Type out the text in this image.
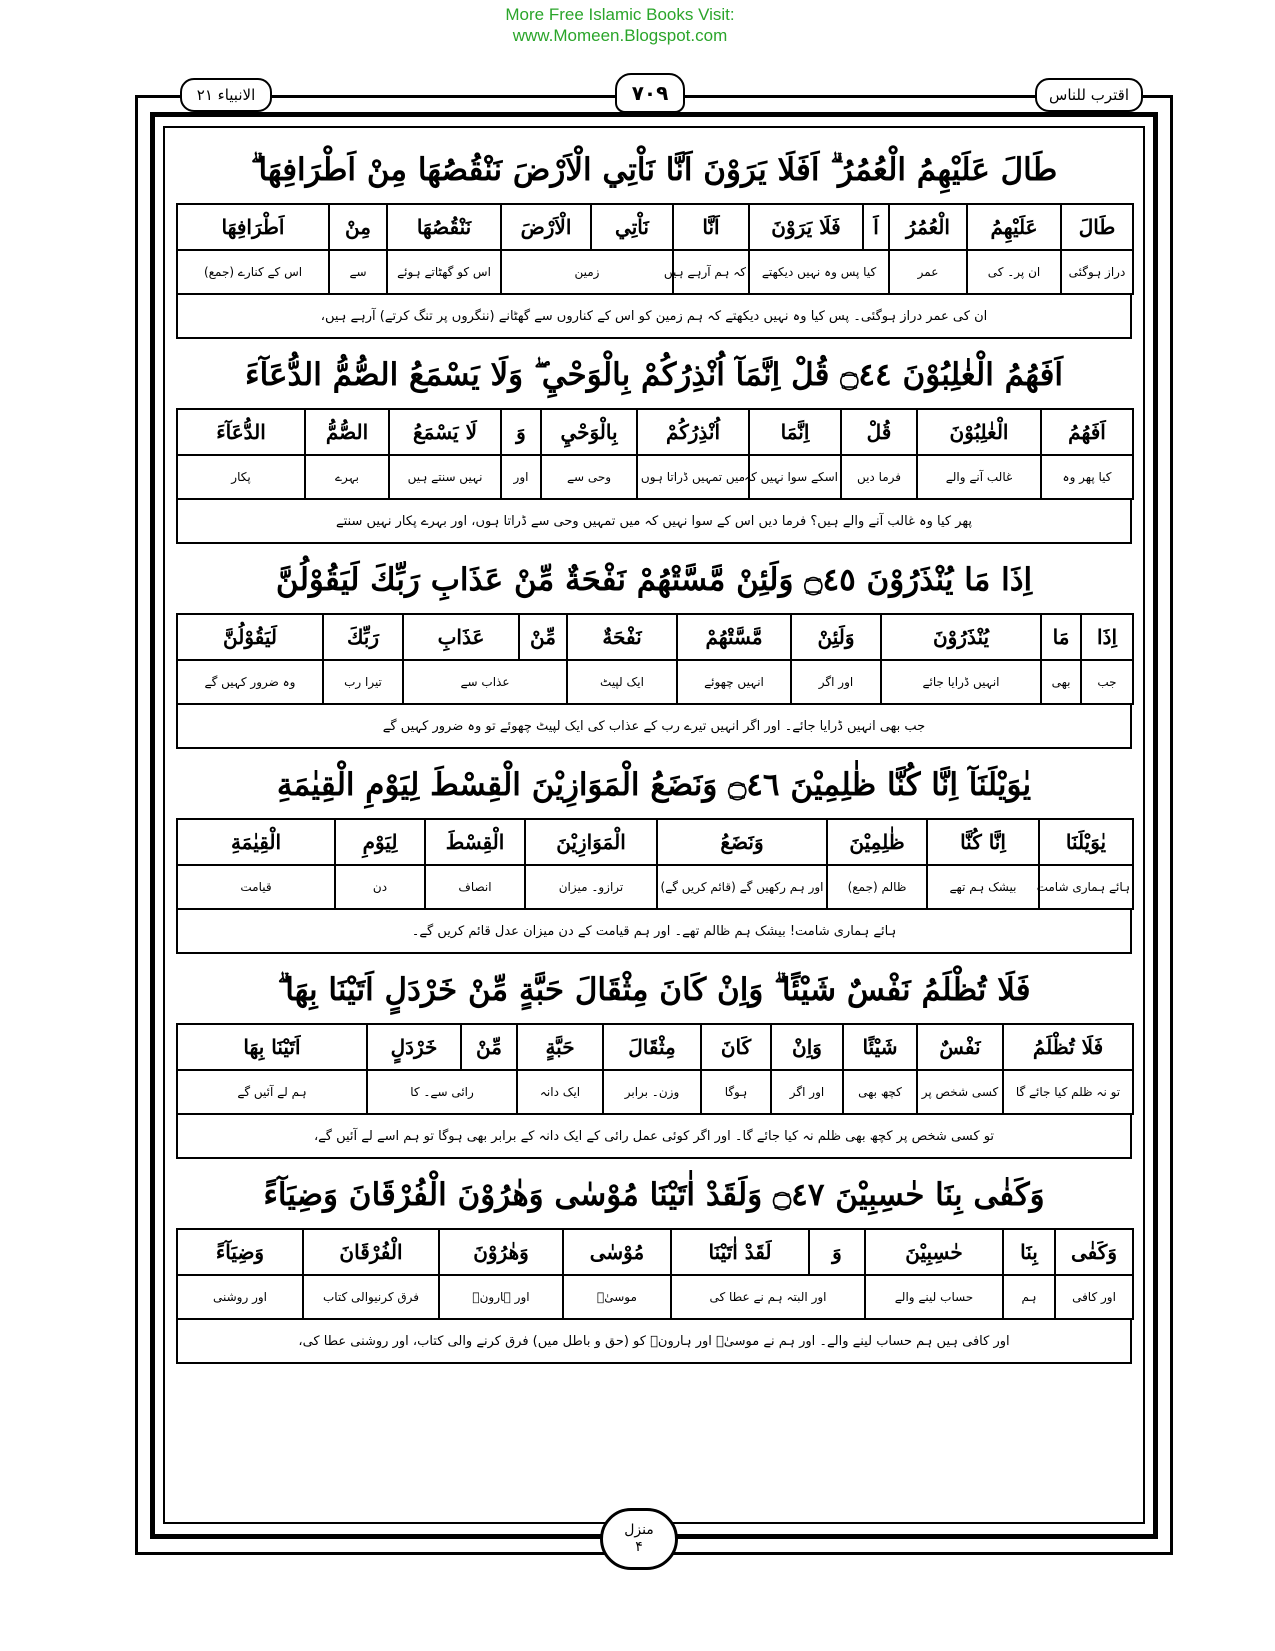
More Free Islamic Books Visit:
www.Momeen.Blogspot.com
الانبیاء ۲۱	۷۰۹	اقترب للناس
طَالَ عَلَيْهِمُ الْعُمُرُ ۗ اَفَلَا يَرَوْنَ اَنَّا نَاْتِي الْاَرْضَ نَنْقُصُهَا مِنْ اَطْرَافِهَا ۗ
طَالَ	عَلَيْهِمُ	الْعُمُرُ	اَ	فَلَا يَرَوْنَ	اَنَّا	نَاْتِي	الْاَرْضَ	نَنْقُصُهَا	مِنْ	اَطْرَافِهَا
دراز ہوگئی	ان پر۔ کی	عمر	کیا پس وہ نہیں دیکھتے		کہ ہم آرہے ہیں	زمین		اس کو گھٹاتے ہوئے	سے	اس کے کنارے (جمع)
ان کی عمر دراز ہوگئی۔ پس کیا وہ نہیں دیکھتے کہ ہم زمین کو اس کے کناروں سے گھٹانے (ننگروں پر تنگ کرتے) آرہے ہیں،
اَفَهُمُ الْغٰلِبُوْنَ ۝٤٤ قُلْ اِنَّمَآ اُنْذِرُكُمْ بِالْوَحْيِ ۖ وَلَا يَسْمَعُ الصُّمُّ الدُّعَآءَ
اَفَهُمُ	الْغٰلِبُوْنَ	قُلْ	اِنَّمَا	اُنْذِرُكُمْ	بِالْوَحْيِ	وَ	لَا يَسْمَعُ	الصُّمُّ	الدُّعَآءَ
کیا پھر وہ	غالب آنے والے	فرما دیں	اسکے سوا نہیں کہ	میں تمہیں ڈراتا ہوں	وحی سے	اور	نہیں سنتے ہیں	بہرے	پکار
پھر کیا وہ غالب آنے والے ہیں؟ فرما دیں اس کے سوا نہیں کہ میں تمہیں وحی سے ڈراتا ہوں، اور بہرے پکار نہیں سنتے
اِذَا مَا يُنْذَرُوْنَ ۝٤٥ وَلَئِنْ مَّسَّتْهُمْ نَفْحَةٌ مِّنْ عَذَابِ رَبِّكَ لَيَقُوْلُنَّ
اِذَا	مَا	يُنْذَرُوْنَ	وَلَئِنْ	مَّسَّتْهُمْ	نَفْحَةٌ	مِّنْ	عَذَابِ	رَبِّكَ	لَيَقُوْلُنَّ
جب	بھی	انہیں ڈرایا جائے	اور اگر	انہیں چھوئے	ایک لپیٹ	عذاب سے		تیرا رب	وہ ضرور کہیں گے
جب بھی انہیں ڈرایا جائے۔ اور اگر انہیں تیرے رب کے عذاب کی ایک لپیٹ چھوئے تو وہ ضرور کہیں گے
يٰوَيْلَنَآ اِنَّا كُنَّا ظٰلِمِيْنَ ۝٤٦ وَنَضَعُ الْمَوَازِيْنَ الْقِسْطَ لِيَوْمِ الْقِيٰمَةِ
يٰوَيْلَنَا	اِنَّا كُنَّا	ظٰلِمِيْنَ	وَنَضَعُ	الْمَوَازِيْنَ	الْقِسْطَ	لِيَوْمِ	الْقِيٰمَةِ
ہائے ہماری شامت	بیشک ہم تھے	ظالم (جمع)	اور ہم رکھیں گے (قائم کریں گے)	ترازو۔ میزان	انصاف	دن	قیامت
ہائے ہماری شامت! بیشک ہم ظالم تھے۔ اور ہم قیامت کے دن میزان عدل قائم کریں گے۔
فَلَا تُظْلَمُ نَفْسٌ شَيْئًا ۗ وَاِنْ كَانَ مِثْقَالَ حَبَّةٍ مِّنْ خَرْدَلٍ اَتَيْنَا بِهَا ۗ
فَلَا تُظْلَمُ	نَفْسٌ	شَيْئًا	وَاِنْ	كَانَ	مِثْقَالَ	حَبَّةٍ	مِّنْ	خَرْدَلٍ	اَتَيْنَا بِهَا
تو نہ ظلم کیا جائے گا	کسی شخص پر	کچھ بھی	اور اگر	ہوگا	وزن۔ برابر	ایک دانہ	رائی سے۔ کا		ہم لے آئیں گے
تو کسی شخص پر کچھ بھی ظلم نہ کیا جائے گا۔ اور اگر کوئی عمل رائی کے ایک دانہ کے برابر بھی ہوگا تو ہم اسے لے آئیں گے،
وَكَفٰى بِنَا حٰسِبِيْنَ ۝٤٧ وَلَقَدْ اٰتَيْنَا مُوْسٰى وَهٰرُوْنَ الْفُرْقَانَ وَضِيَآءً
وَكَفٰى	بِنَا	حٰسِبِيْنَ	وَ	لَقَدْ اٰتَيْنَا	مُوْسٰى	وَهٰرُوْنَ	الْفُرْقَانَ	وَضِيَآءً
اور کافی	ہم	حساب لینے والے	اور البتہ ہم نے عطا کی		موسیٰؑ	اور ہارونؑ	فرق کرنیوالی کتاب	اور روشنی
اور کافی ہیں ہم حساب لینے والے۔ اور ہم نے موسیٰؑ اور ہارونؑ کو (حق و باطل میں) فرق کرنے والی کتاب، اور روشنی عطا کی،
منزل
۴
